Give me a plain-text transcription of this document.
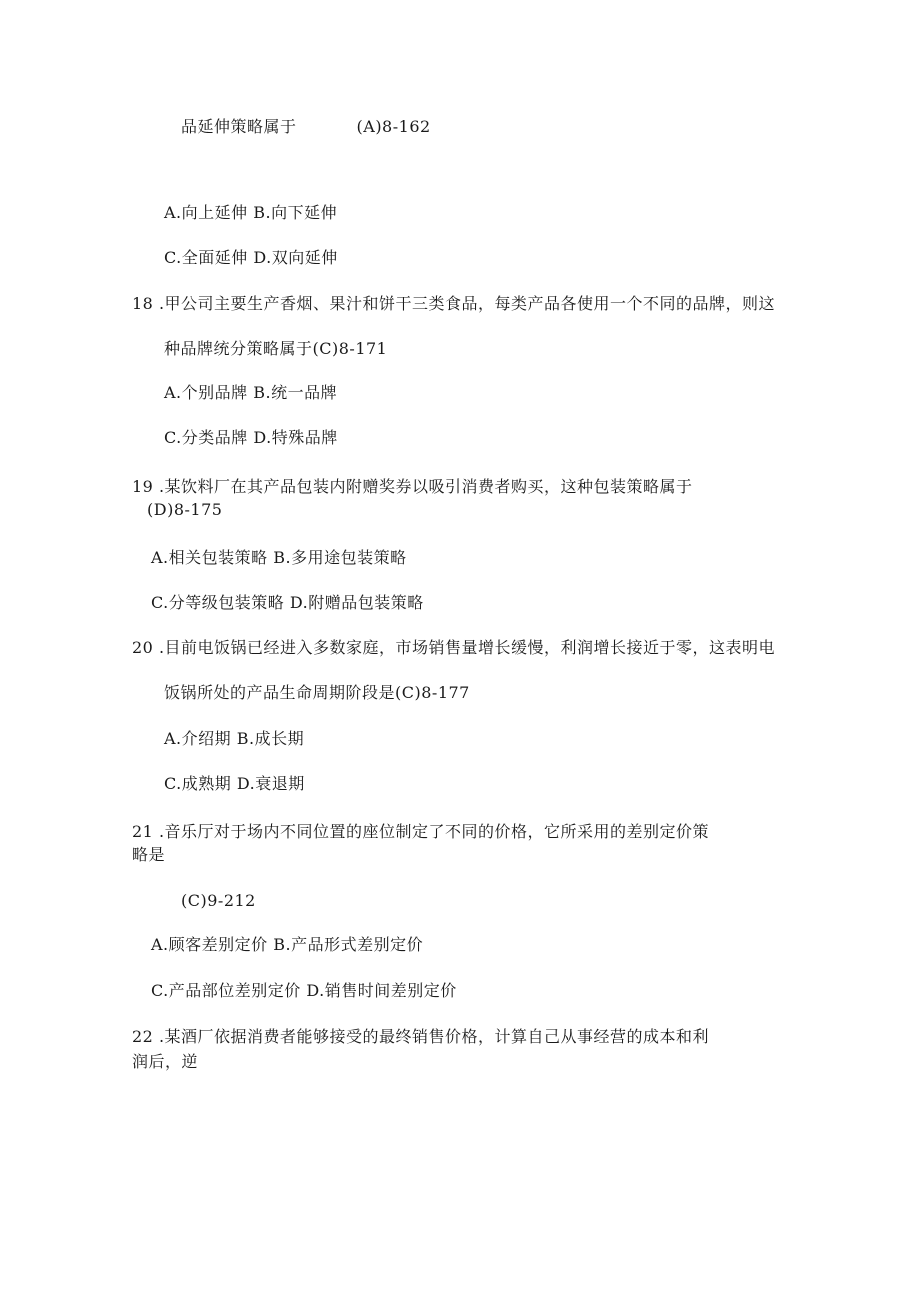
品延伸策略属于	(A)8-162
A.向上延伸 B.向下延伸
C.全面延伸 D.双向延伸
18 .甲公司主要生产香烟、果汁和饼干三类食品，每类产品各使用一个不同的品牌，则这
种品牌统分策略属于(C)8-171
A.个别品牌 B.统一品牌
C.分类品牌 D.特殊品牌
19 .某饮料厂在其产品包装内附赠奖券以吸引消费者购买，这种包装策略属于
(D)8-175
A.相关包装策略 B.多用途包装策略
C.分等级包装策略 D.附赠品包装策略
20 .目前电饭锅已经进入多数家庭，市场销售量增长缓慢，利润增长接近于零，这表明电
饭锅所处的产品生命周期阶段是(C)8-177
A.介绍期 B.成长期
C.成熟期 D.衰退期
21 .音乐厅对于场内不同位置的座位制定了不同的价格，它所采用的差别定价策
略是
(C)9-212
A.顾客差别定价 B.产品形式差别定价
C.产品部位差别定价 D.销售时间差别定价
22 .某酒厂依据消费者能够接受的最终销售价格，计算自己从事经营的成本和利
润后，逆
